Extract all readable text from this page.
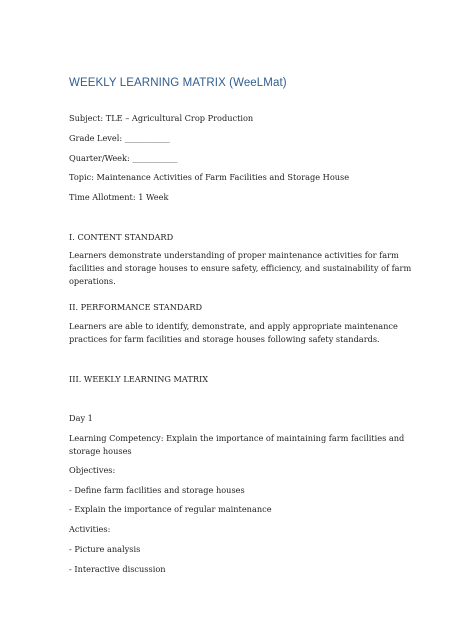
WEEKLY LEARNING MATRIX (WeeLMat)
Subject: TLE – Agricultural Crop Production
Grade Level: ___________
Quarter/Week: ___________
Topic: Maintenance Activities of Farm Facilities and Storage House
Time Allotment: 1 Week
I. CONTENT STANDARD
Learners demonstrate understanding of proper maintenance activities for farm facilities and storage houses to ensure safety, efficiency, and sustainability of farm operations.
II. PERFORMANCE STANDARD
Learners are able to identify, demonstrate, and apply appropriate maintenance practices for farm facilities and storage houses following safety standards.
III. WEEKLY LEARNING MATRIX
Day 1
Learning Competency: Explain the importance of maintaining farm facilities and storage houses
Objectives:
- Define farm facilities and storage houses
- Explain the importance of regular maintenance
Activities:
- Picture analysis
- Interactive discussion
